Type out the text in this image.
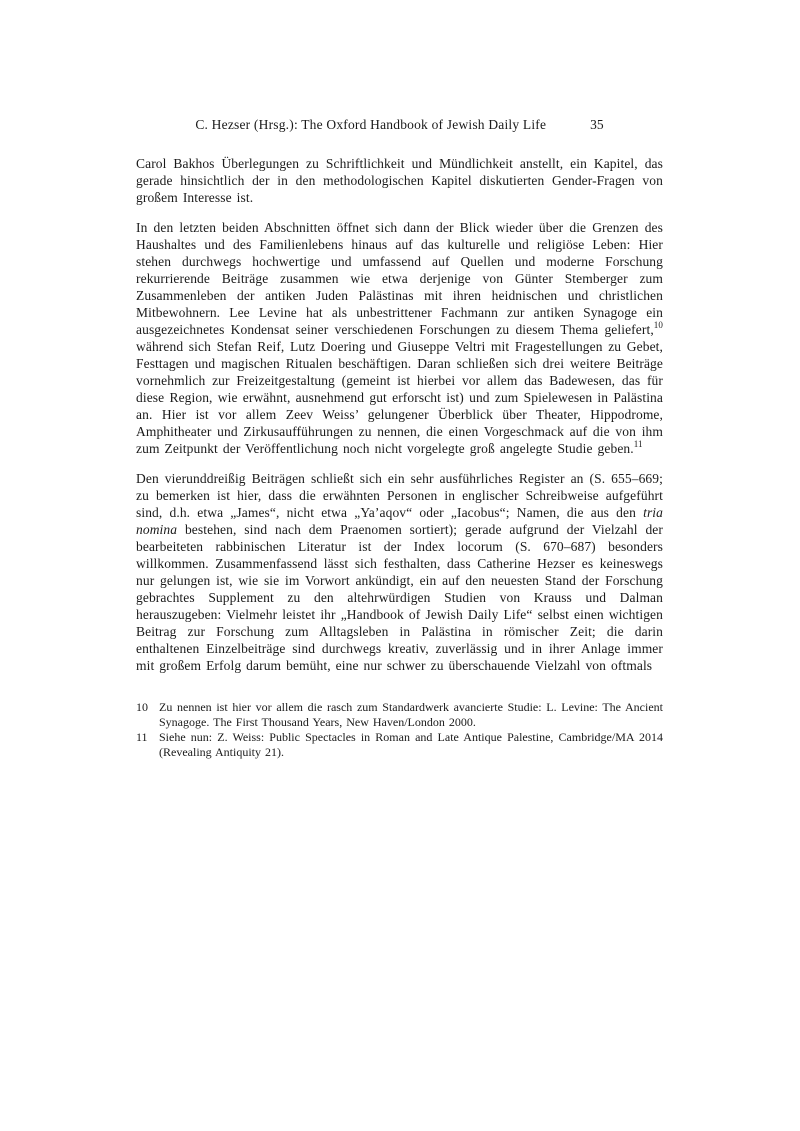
C. Hezser (Hrsg.): The Oxford Handbook of Jewish Daily Life	35

Carol Bakhos Überlegungen zu Schriftlichkeit und Mündlichkeit anstellt, ein Kapitel, das gerade hinsichtlich der in den methodologischen Kapitel diskutierten Gender-Fragen von großem Interesse ist.

In den letzten beiden Abschnitten öffnet sich dann der Blick wieder über die Grenzen des Haushaltes und des Familienlebens hinaus auf das kulturelle und religiöse Leben: Hier stehen durchwegs hochwertige und umfassend auf Quellen und moderne Forschung rekurrierende Beiträge zusammen wie etwa derjenige von Günter Stemberger zum Zusammenleben der antiken Juden Palästinas mit ihren heidnischen und christlichen Mitbewohnern. Lee Levine hat als unbestrittener Fachmann zur antiken Synagoge ein ausgezeichnetes Kondensat seiner verschiedenen Forschungen zu diesem Thema geliefert,$^{10}$ während sich Stefan Reif, Lutz Doering und Giuseppe Veltri mit Fragestellungen zu Gebet, Festtagen und magischen Ritualen beschäftigen. Daran schließen sich drei weitere Beiträge vornehmlich zur Freizeitgestaltung (gemeint ist hierbei vor allem das Badewesen, das für diese Region, wie erwähnt, ausnehmend gut erforscht ist) und zum Spielewesen in Palästina an. Hier ist vor allem Zeev Weiss’ gelungener Überblick über Theater, Hippodrome, Amphitheater und Zirkusaufführungen zu nennen, die einen Vorgeschmack auf die von ihm zum Zeitpunkt der Veröffentlichung noch nicht vorgelegte groß angelegte Studie geben.$^{11}$

Den vierunddreißig Beiträgen schließt sich ein sehr ausführliches Register an (S. 655–669; zu bemerken ist hier, dass die erwähnten Personen in englischer Schreibweise aufgeführt sind, d.h. etwa „James“, nicht etwa „Ya’aqov“ oder „Iacobus“; Namen, die aus den tria nomina bestehen, sind nach dem Praenomen sortiert); gerade aufgrund der Vielzahl der bearbeiteten rabbinischen Literatur ist der Index locorum (S. 670–687) besonders willkommen. Zusammenfassend lässt sich festhalten, dass Catherine Hezser es keineswegs nur gelungen ist, wie sie im Vorwort ankündigt, ein auf den neuesten Stand der Forschung gebrachtes Supplement zu den altehrwürdigen Studien von Krauss und Dalman herauszugeben: Vielmehr leistet ihr „Handbook of Jewish Daily Life“ selbst einen wichtigen Beitrag zur Forschung zum Alltagsleben in Palästina in römischer Zeit; die darin enthaltenen Einzelbeiträge sind durchwegs kreativ, zuverlässig und in ihrer Anlage immer mit großem Erfolg darum bemüht, eine nur schwer zu überschauende Vielzahl von oftmals

10 Zu nennen ist hier vor allem die rasch zum Standardwerk avancierte Studie: L. Levine: The Ancient Synagoge. The First Thousand Years, New Haven/London 2000.
11 Siehe nun: Z. Weiss: Public Spectacles in Roman and Late Antique Palestine, Cambridge/MA 2014 (Revealing Antiquity 21).
